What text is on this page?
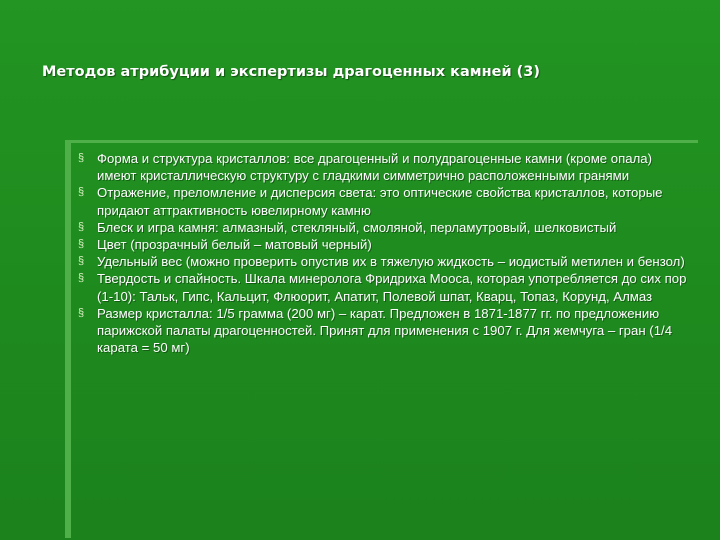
Методов атрибуции и экспертизы драгоценных камней (3)
§ Форма и структура кристаллов: все драгоценный и полудрагоценные камни (кроме опала) имеют кристаллическую структуру с гладкими симметрично расположенными гранями
§ Отражение, преломление и дисперсия света: это оптические свойства кристаллов, которые придают аттрактивность ювелирному камню
§ Блеск и игра камня: алмазный, стекляный, смоляной, перламутровый, шелковистый
§ Цвет (прозрачный белый – матовый черный)
§ Удельный вес (можно проверить опустив их в тяжелую жидкость – иодистый метилен и бензол)
§ Твердость и спайность. Шкала минеролога Фридриха Мооса, которая употребляется до сих пор (1-10): Тальк, Гипс, Кальцит, Флюорит, Апатит, Полевой шпат, Кварц, Топаз, Корунд, Алмаз
§ Размер кристалла: 1/5 грамма (200 мг) – карат. Предложен в 1871-1877 гг. по предложению парижской палаты драгоценностей. Принят для применения с 1907 г. Для жемчуга – гран (1/4 карата = 50 мг)
